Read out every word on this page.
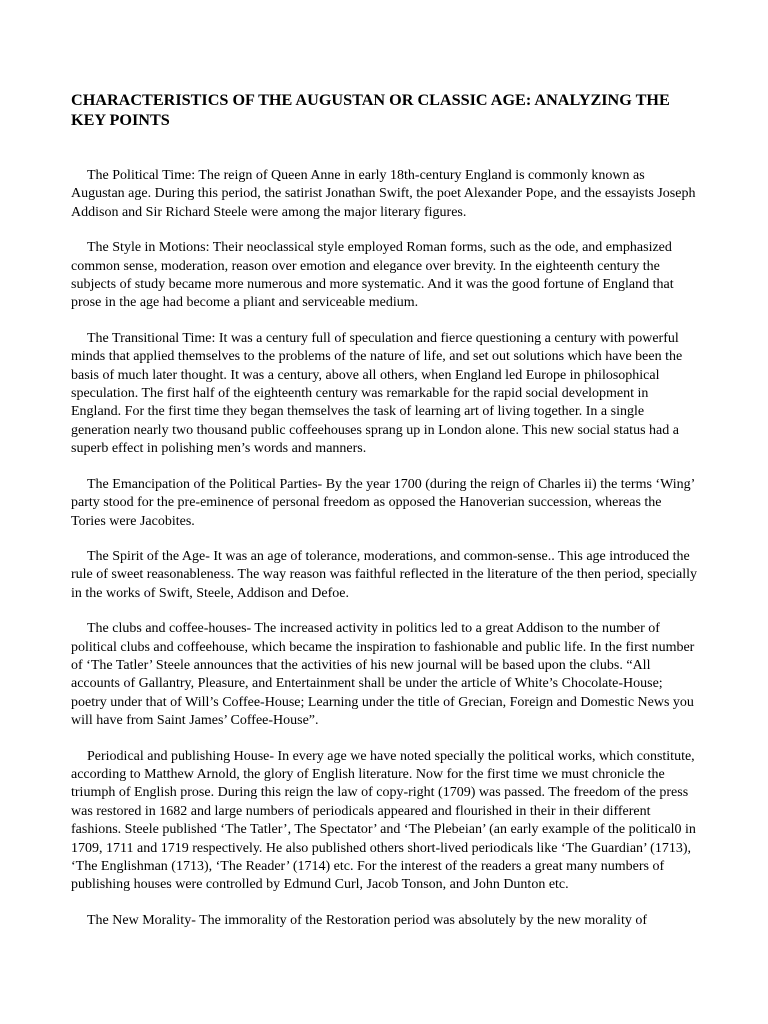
CHARACTERISTICS OF THE AUGUSTAN OR CLASSIC AGE: ANALYZING THE KEY POINTS

The Political Time: The reign of Queen Anne in early 18th-century England is commonly known as Augustan age. During this period, the satirist Jonathan Swift, the poet Alexander Pope, and the essayists Joseph Addison and Sir Richard Steele were among the major literary figures.

The Style in Motions: Their neoclassical style employed Roman forms, such as the ode, and emphasized common sense, moderation, reason over emotion and elegance over brevity. In the eighteenth century the subjects of study became more numerous and more systematic. And it was the good fortune of England that prose in the age had become a pliant and serviceable medium.

The Transitional Time: It was a century full of speculation and fierce questioning a century with powerful minds that applied themselves to the problems of the nature of life, and set out solutions which have been the basis of much later thought. It was a century, above all others, when England led Europe in philosophical speculation. The first half of the eighteenth century was remarkable for the rapid social development in England. For the first time they began themselves the task of learning art of living together. In a single generation nearly two thousand public coffeehouses sprang up in London alone. This new social status had a superb effect in polishing men’s words and manners.

The Emancipation of the Political Parties- By the year 1700 (during the reign of Charles ii) the terms ‘Wing’ party stood for the pre-eminence of personal freedom as opposed the Hanoverian succession, whereas the Tories were Jacobites.

The Spirit of the Age- It was an age of tolerance, moderations, and common-sense.. This age introduced the rule of sweet reasonableness. The way reason was faithful reflected in the literature of the then period, specially in the works of Swift, Steele, Addison and Defoe.

The clubs and coffee-houses- The increased activity in politics led to a great Addison to the number of political clubs and coffeehouse, which became the inspiration to fashionable and public life. In the first number of ‘The Tatler’ Steele announces that the activities of his new journal will be based upon the clubs. “All accounts of Gallantry, Pleasure, and Entertainment shall be under the article of White’s Chocolate-House; poetry under that of Will’s Coffee-House; Learning under the title of Grecian, Foreign and Domestic News you will have from Saint James’ Coffee-House”.

Periodical and publishing House- In every age we have noted specially the political works, which constitute, according to Matthew Arnold, the glory of English literature. Now for the first time we must chronicle the triumph of English prose. During this reign the law of copy-right (1709) was passed. The freedom of the press was restored in 1682 and large numbers of periodicals appeared and flourished in their in their different fashions. Steele published ‘The Tatler’, The Spectator’ and ‘The Plebeian’ (an early example of the political0 in 1709, 1711 and 1719 respectively. He also published others short-lived periodicals like ‘The Guardian’ (1713), ‘The Englishman (1713), ‘The Reader’ (1714) etc. For the interest of the readers a great many numbers of publishing houses were controlled by Edmund Curl, Jacob Tonson, and John Dunton etc.

The New Morality- The immorality of the Restoration period was absolutely by the new morality of
